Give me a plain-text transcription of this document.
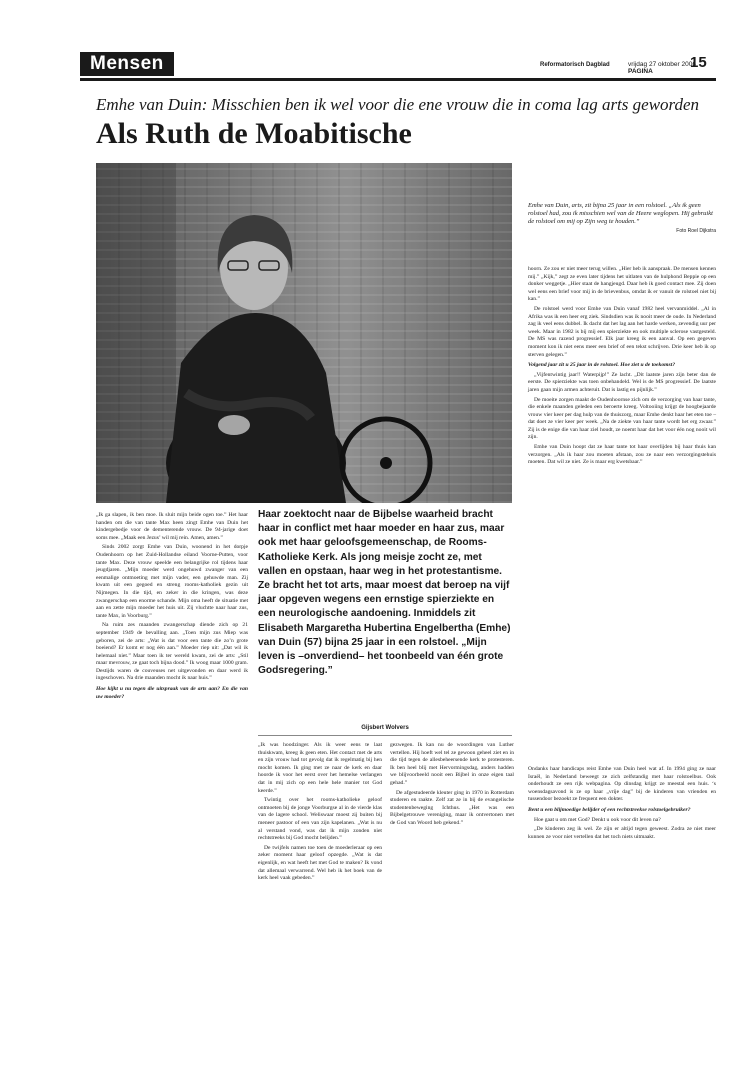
Mensen	Reformatorisch Dagblad	vrijdag 27 oktober 2006 PAGINA
15
Emhe van Duin: Misschien ben ik wel voor die ene vrouw die in coma lag arts geworden
Als Ruth de Moabitische
Emhe van Duin, arts, zit bijna 25 jaar in een rolstoel. „Als ik geen rolstoel had, zou ik misschien wel van de Heere weglopen. Hij gebruikt de rolstoel om mij op Zijn weg te houden.”
Foto Roel Dijkstra

hoorn. Ze zou er niet meer terug willen. „Hier heb ik aanspraak. De mensen kennen mij.” „Kijk,” zegt ze even later tijdens het uitlaten van de hulphond Beppie op een donker weggetje. „Hier staat de hangjeugd. Daar heb ik goed contact mee. Zij doen wel eens een brief voor mij in de brievenbus, omdat ik er vanuit de rolstoel niet bij kan.”

De rolstoel werd voor Emhe van Duin vanaf 1982 heel vervanmiddel. „Al in Afrika was ik een heer erg ziek. Sindsdien was ik nooit meer de oude. In Nederland zag ik veel eens dubbel. Ik dacht dat het lag aan het harde werken, zevendig uur per week. Maar in 1982 is bij mij een spierziekte en ook multiple sclerose vastgesteld. De MS was razend progressief. Elk jaar kreeg ik een aanval. Op een gegeven moment kon ik niet eens meer een brief of een tekst schrijven. Drie keer heb ik op sterven gelegen.”

Volgend jaar zit u 25 jaar in de rolstoel. Hoe ziet u de toekomst?

„Vijfentwintig jaar!! Waterpijp!” Ze lacht. „Dit laatste jaren zijn beter dan de eerste. De spierziekte was toen onbehandeld. Wel is de MS progressief. De laatste jaren gaan mijn armen achteruit. Dat is lastig en pijnlijk.”

De moeite zorgen maakt de Oudenhoornse zich om de verzorging van haar tante, die enkele maanden geleden een beroerte kreeg. Voltooiing krijgt de hoogbejaarde vrouw vier keer per dag hulp van de thuiszorg, maar Emhe denkt haar het eten toe – dat doet ze vier keer per week. „Na de ziekte van haar tante wordt het erg zwaar.” Zij is de enige die van haar ziel houdt, ze noemt haar dat het voor één nog nooit wil zijn.

Emhe van Duin hoopt dat ze haar tante tot haar overlijden bij haar thuis kan verzorgen. „Als ik haar zou moeten afstaan, zou ze naar een verzorgingstehuis moeten. Dat wil ze niet. Ze is maar erg kwetsbaar.”

Haar zoektocht naar de Bijbelse waarheid bracht haar in conflict met haar moeder en haar zus, maar ook met haar geloofsgemeenschap, de Rooms-Katholieke Kerk. Als jong meisje zocht ze, met vallen en opstaan, haar weg in het protestantisme. Ze bracht het tot arts, maar moest dat beroep na vijf jaar opgeven wegens een ernstige spierziekte en een neurologische aandoening. Inmiddels zit Elisabeth Margaretha Hubertina Engelbertha (Emhe) van Duin (57) bijna 25 jaar in een rolstoel. „Mijn leven is –onverdiend– het toonbeeld van één grote Godsregering.”
Gijsbert Wolvers

„Ik ga slapen, ik ben moe. Ik sluit mijn beide ogen toe.” Het haar handen om die van tante Max heen zingt Emhe van Duin het kindergebedje voor de dementerende vrouw. De 94-jarige doet soms mee. „Maak een Jezus’ wil mij rein. Amen, amen.”

Sinds 2002 zorgt Emhe van Duin, woonend in het dorpje Oudenhoorn op het Zuid-Hollandse eiland Voorne-Putten, voor tante Max. Deze vrouw speelde een belangrijke rol tijdens haar jeugdjaren. „Mijn moeder werd ongehuwd zwanger van een eenmalige ontmoeting met mijn vader, een gehuwde man. Zij kwam uit een gegoed en streng rooms-katholiek gezin uit Nijmegen. In die tijd, en zeker in die kringen, was deze zwangerschap een enorme schande. Mijn oma heeft de situatie met aan en zette mijn moeder het huis uit. Zij vluchtte naar haar zus, tante Max, in Voorburg.”

Na ruim zes maanden zwangerschap diende zich op 21 september 1949 de bevalling aan. „Toen mijn zus Miep was geboren, zei de arts: „Wat is dat voor een tante die zo’n grote boeiend? Er komt er nog één aan.” Moeder riep uit: „Dat wil ik helemaal niet.” Maar toen ik ter wereld kwam, zei de arts: „Stil maar mevrouw, ze gaat toch bijna dood.” Ik woog maar 1000 gram. Destijds waren de couveuses net uitgevonden en daar werd ik ingeschoven. Na drie maanden mocht ik naar huis.”

Hoe kijkt u nu tegen die uitspraak van de arts aan? En die van uw moeder?

„Ik was hoodzinger. Als ik weer eens te laat thuiskwam, kreeg ik geen eten. Het contact met de arts en zijn vrouw had tot gevolg dat ik regelmatig bij hen mocht komen. Ik ging met ze naar de kerk en daar hoorde ik voor het eerst over het hemelse verlangen dat in mij zich op een hele hele manier tot God keerde.”

Twintig over het rooms-katholieke geloof ontmoeten bij de jonge Voorburgse al in de vierde klas van de lagere school. Weliswaar moest zij buiten bij meneer pastoor of een van zijn kapelanen. „Wat is nu al verstand vond, was dat ik mijn zonden niet rechtstreeks bij God mocht belijden.”

De twijfels namen toe toen de moederleraar op een zeker moment haar geloof opzegde. „Wat is dat eigenlijk, en wat heeft het met God te maken? Ik vond dat allemaal verwarrend. Wel heb ik het boek van de kerk heel vaak gebeden.”

gezwegen. Ik kan nu de woordingen van Luther vertellen. Hij hoeft wel tel ze gewoon geheel ziet en in die tijd tegen de allesbeheersende kerk te protesteren. Ik ben heel blij met Hervormingsdag, anders hadden we blijvoorbeeld nooit een Bijbel in onze eigen taal gehad.”

De afgestudeerde kleuter ging in 1970 in Rotterdam studeren en raakte. Zelf zat ze in bij de evangelische studentenbeweging Ichthus. „Het was een Bijbelgetrouwe vereniging, maar ik ontvertonen met de God van Woord heb gekend.”

Ondanks haar handicaps reist Emhe van Duin heel wat af. In 1994 ging ze naar Israël, in Nederland beweegt ze zich zelfstandig met haar rolstoelbus. Ook onderhoudt ze een rijk webpagina. Op dinsdag krijgt ze meestal een huis. ‘s woensdagsavond is ze op haar „vrije dag” bij de kinderen van vrienden en tussendoor bezoekt ze frequent een dokter.

Bent u een blijmoedige belijder of een rechtstreekse rolstoelgebruiker?

Hoe gaat u om met God? Denkt u ook voor dit leven na?

„De kinderen zeg ik wel. Ze zijn er altijd tegen geweest. Zodra ze niet meer kunnen ze voor niet vertellen dat het toch niets uitmaakt.
